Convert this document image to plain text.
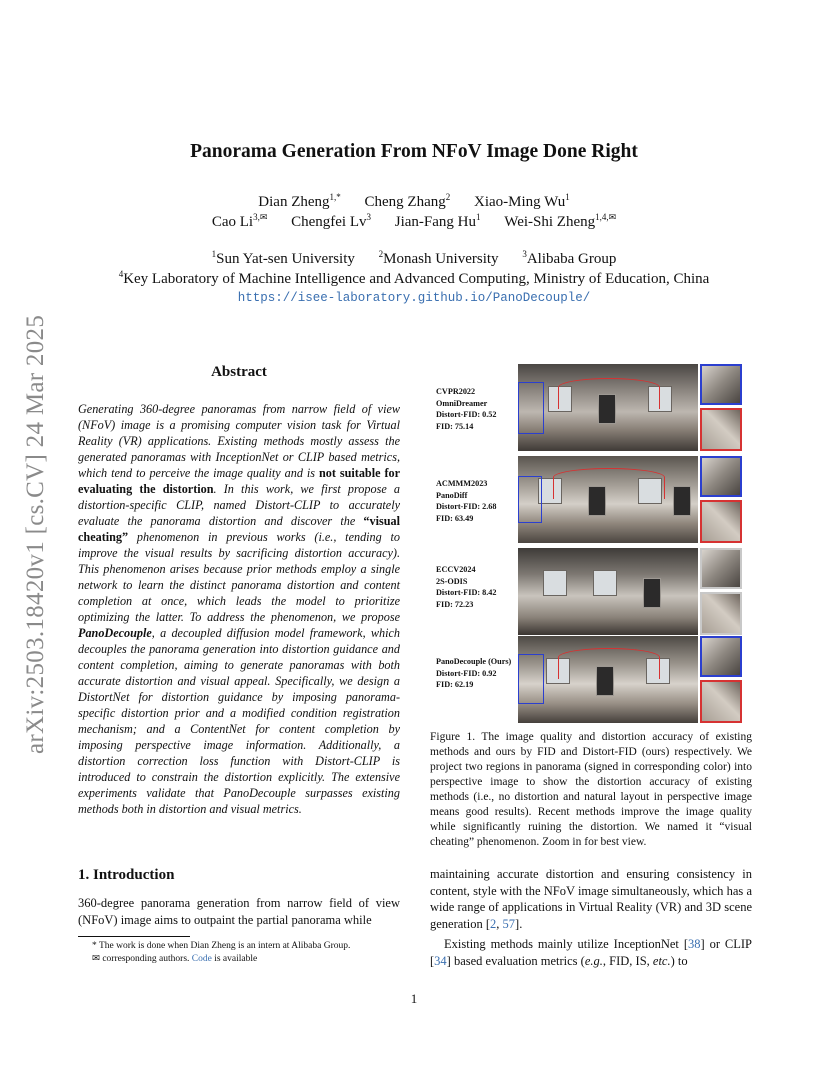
arXiv:2503.18420v1 [cs.CV] 24 Mar 2025
Panorama Generation From NFoV Image Done Right
Dian Zheng$^{1,*}$ Cheng Zhang$^2$ Xiao-Ming Wu$^1$
Cao $Li^{3,✉}$ Chengfei Lv$^3$ Jian-Fang Hu$^1$ Wei-Shi Zheng$^{1,4,✉}$
$^1$Sun Yat-sen University	$^2$Monash University	$^3$Alibaba Group
$^4$Key Laboratory of Machine Intelligence and Advanced Computing, Ministry of Education, China
https://isee-laboratory.github.io/PanoDecouple/
Abstract
Generating 360-degree panoramas from narrow field of view (NFoV) image is a promising computer vision task for Virtual Reality (VR) applications. Existing methods mostly assess the generated panoramas with InceptionNet or CLIP based metrics, which tend to perceive the image quality and is not suitable for evaluating the distortion. In this work, we first propose a distortion-specific CLIP, named Distort-CLIP to accurately evaluate the panorama distortion and discover the “visual cheating” phenomenon in previous works (i.e., tending to improve the visual results by sacrificing distortion accuracy). This phenomenon arises because prior methods employ a single network to learn the distinct panorama distortion and content completion at once, which leads the model to prioritize optimizing the latter. To address the phenomenon, we propose PanoDecouple, a decoupled diffusion model framework, which decouples the panorama generation into distortion guidance and content completion, aiming to generate panoramas with both accurate distortion and visual appeal. Specifically, we design a DistortNet for distortion guidance by imposing panorama-specific distortion prior and a modified condition registration mechanism; and a ContentNet for content completion by imposing perspective image information. Additionally, a distortion correction loss function with Distort-CLIP is introduced to constrain the distortion explicitly. The extensive experiments validate that PanoDecouple surpasses existing methods both in distortion and visual metrics.
CVPR2022
OmniDreamer
Distort-FID: 0.52
FID: 75.14
ACMMM2023
PanoDiff
Distort-FID: 2.68
FID: 63.49
ECCV2024
2S-ODIS
Distort-FID: 8.42
FID: 72.23
PanoDecouple (Ours)
Distort-FID: 0.92
FID: 62.19
Figure 1. The image quality and distortion accuracy of existing methods and ours by FID and Distort-FID (ours) respectively. We project two regions in panorama (signed in corresponding color) into perspective image to show the distortion accuracy of existing methods (i.e., no distortion and natural layout in perspective image means good results). Recent methods improve the image quality while significantly ruining the distortion. We named it “visual cheating” phenomenon. Zoom in for best view.
1. Introduction
360-degree panorama generation from narrow field of view (NFoV) image aims to outpaint the partial panorama while
* The work is done when Dian Zheng is an intern at Alibaba Group.
✉ corresponding authors. Code is available

maintaining accurate distortion and ensuring consistency in content, style with the NFoV image simultaneously, which has a wide range of applications in Virtual Reality (VR) and 3D scene generation [2, 57].

Existing methods mainly utilize InceptionNet [38] or CLIP [34] based evaluation metrics (e.g., FID, IS, etc.) to

1
